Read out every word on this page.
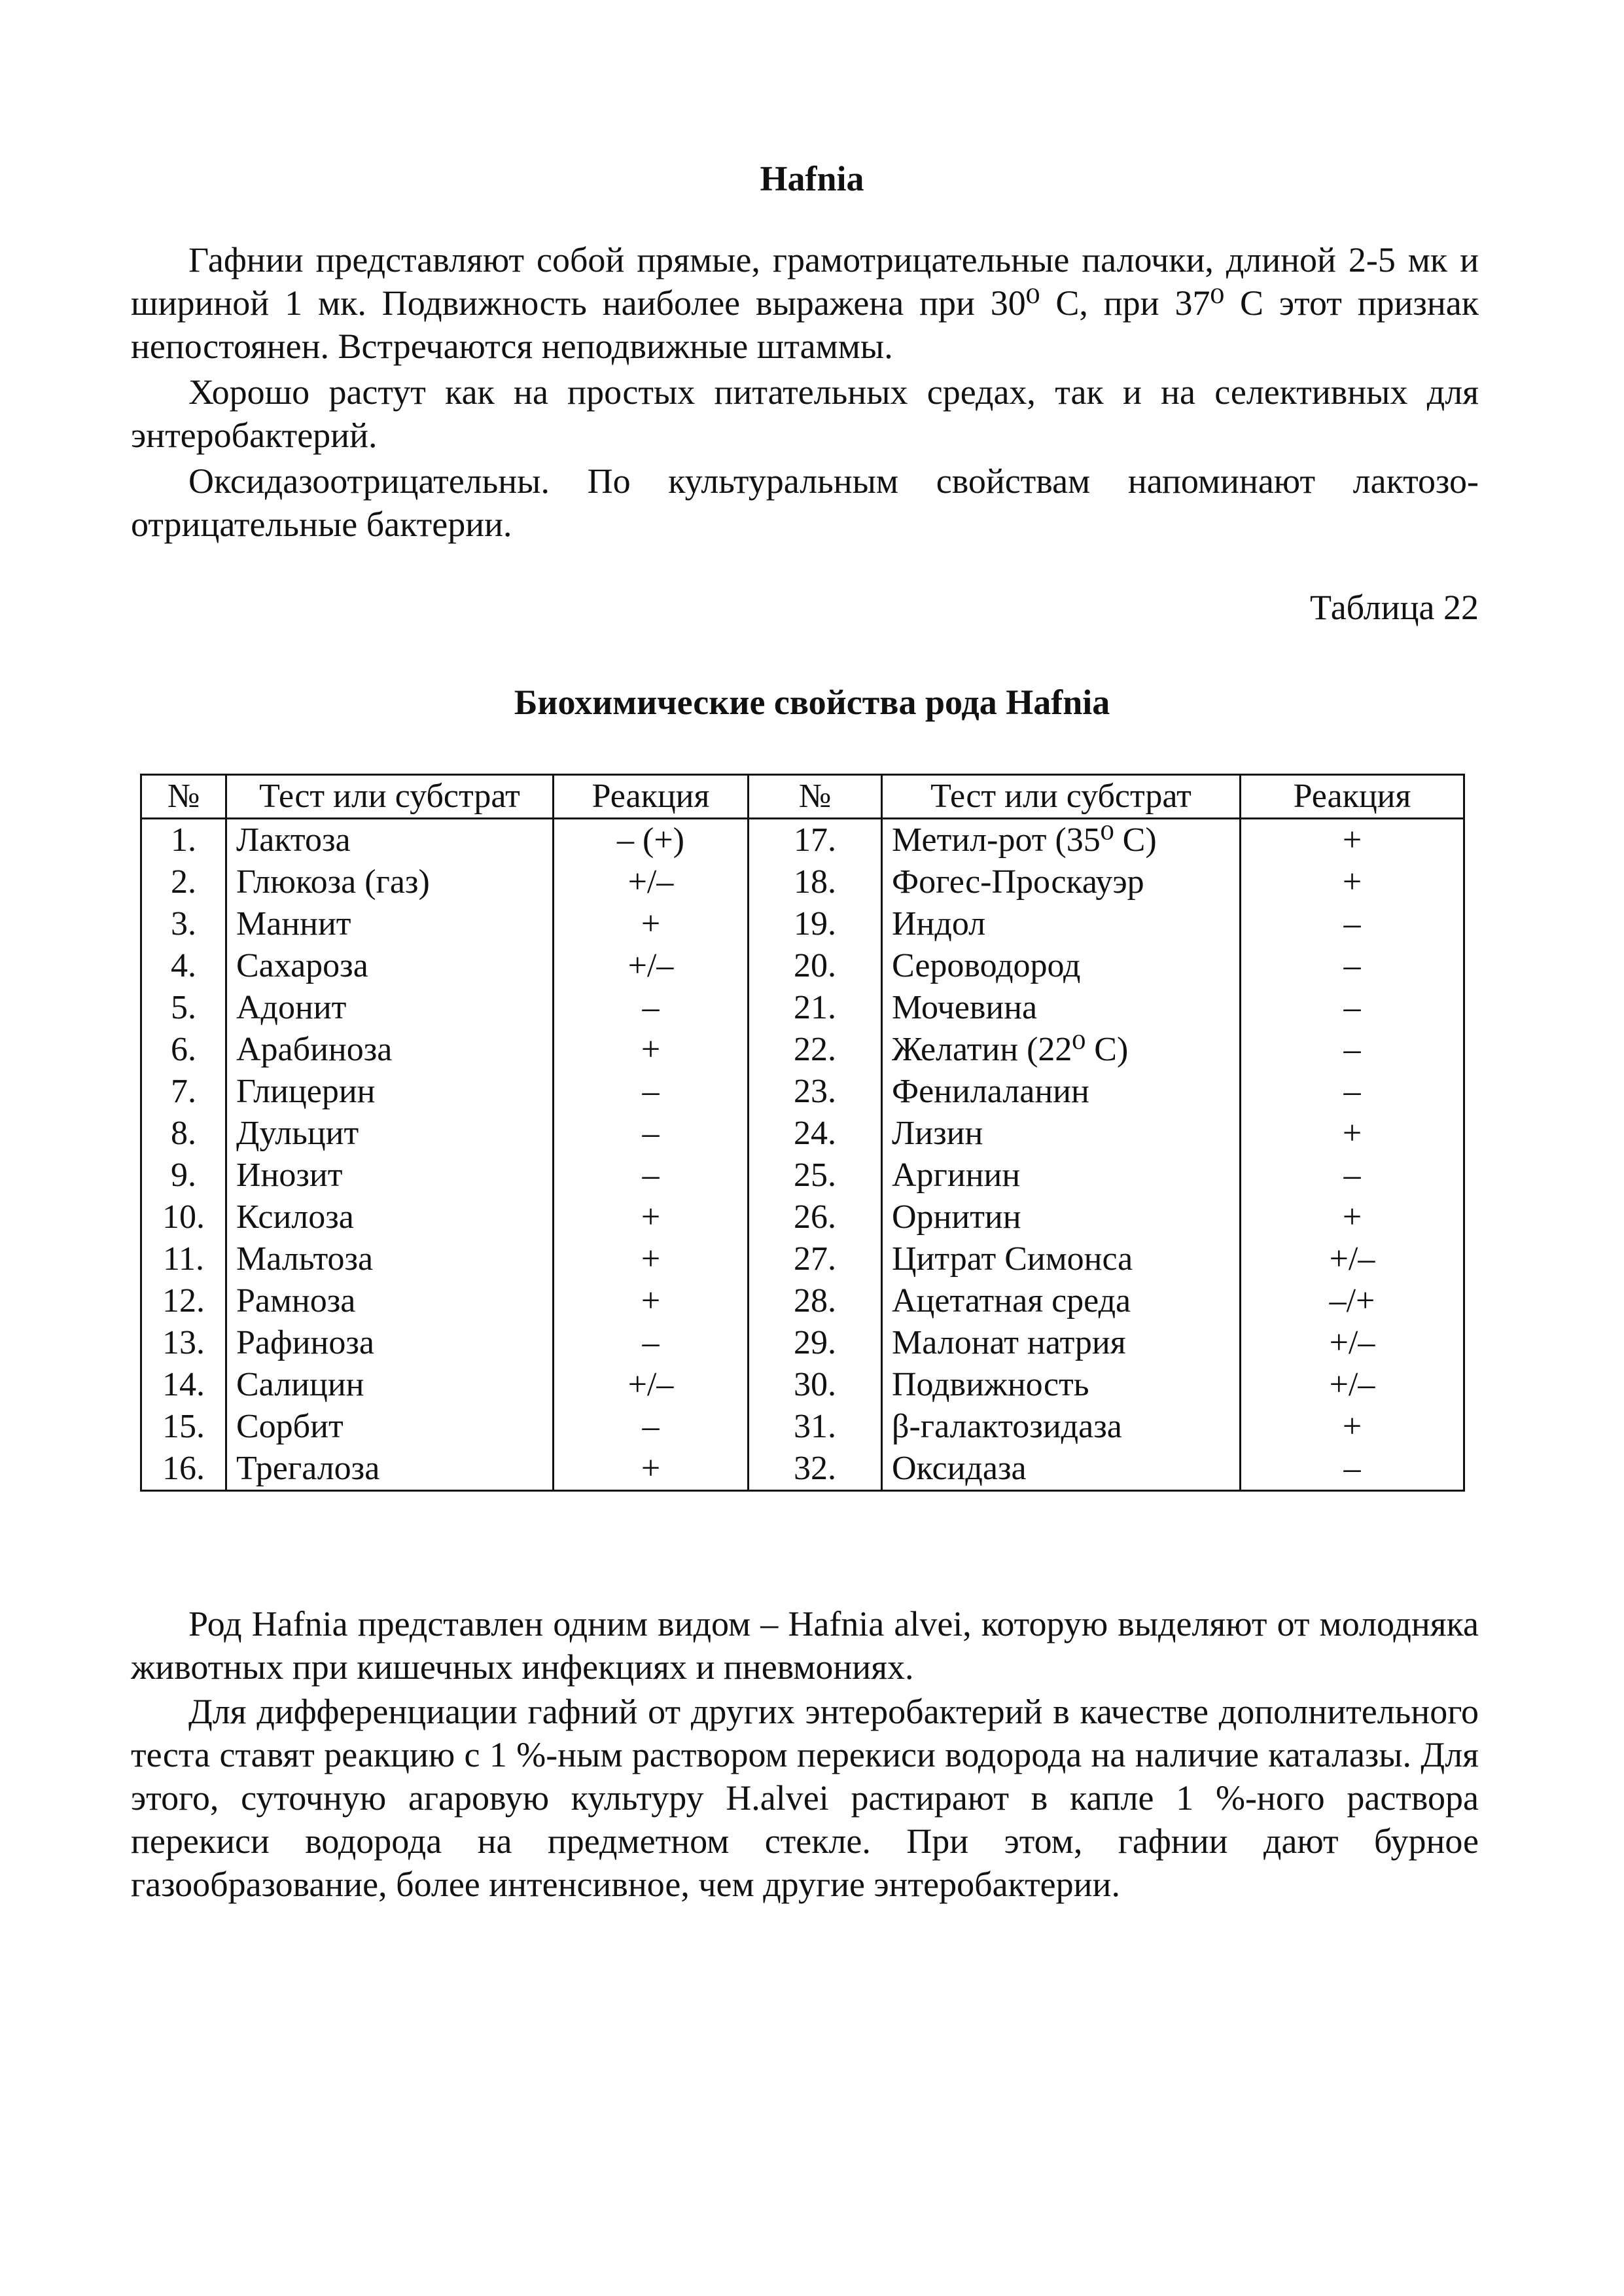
Hafnia

Гафнии представляют собой прямые, грамотрицательные палочки, длиной 2-5 мк и шириной 1 мк. Подвижность наиболее выражена при 30⁰ С, при 37⁰ С этот признак непостоянен. Встречаются неподвижные штаммы.

Хорошо растут как на простых питательных средах, так и на селективных для энтеробактерий.

Оксидазоотрицательны. По культуральным свойствам напоминают лактозо-отрицательные бактерии.

Таблица 22
Биохимические свойства рода Hafnia
№	Тест или субстрат	Реакция	№	Тест или субстрат	Реакция
1.	Лактоза	– (+)	17.	Метил-рот (35⁰ С)	+
2.	Глюкоза (газ)	+/–	18.	Фогес-Проскауэр	+
3.	Маннит	+	19.	Индол	–
4.	Сахароза	+/–	20.	Сероводород	–
5.	Адонит	–	21.	Мочевина	–
6.	Арабиноза	+	22.	Желатин (22⁰ С)	–
7.	Глицерин	–	23.	Фенилаланин	–
8.	Дульцит	–	24.	Лизин	+
9.	Инозит	–	25.	Аргинин	–
10.	Ксилоза	+	26.	Орнитин	+
11.	Мальтоза	+	27.	Цитрат Симонса	+/–
12.	Рамноза	+	28.	Ацетатная среда	–/+
13.	Рафиноза	–	29.	Малонат натрия	+/–
14.	Салицин	+/–	30.	Подвижность	+/–
15.	Сорбит	–	31.	β-галактозидаза	+
16.	Трегалоза	+	32.	Оксидаза	–

Род Hafnia представлен одним видом – Hafnia alvei, которую выделяют от молодняка животных при кишечных инфекциях и пневмониях.

Для дифференциации гафний от других энтеробактерий в качестве дополнительного теста ставят реакцию с 1 %-ным раствором перекиси водорода на наличие каталазы. Для этого, суточную агаровую культуру H.alvei растирают в капле 1 %-ного раствора перекиси водорода на предметном стекле. При этом, гафнии дают бурное газообразование, более интенсивное, чем другие энтеробактерии.
